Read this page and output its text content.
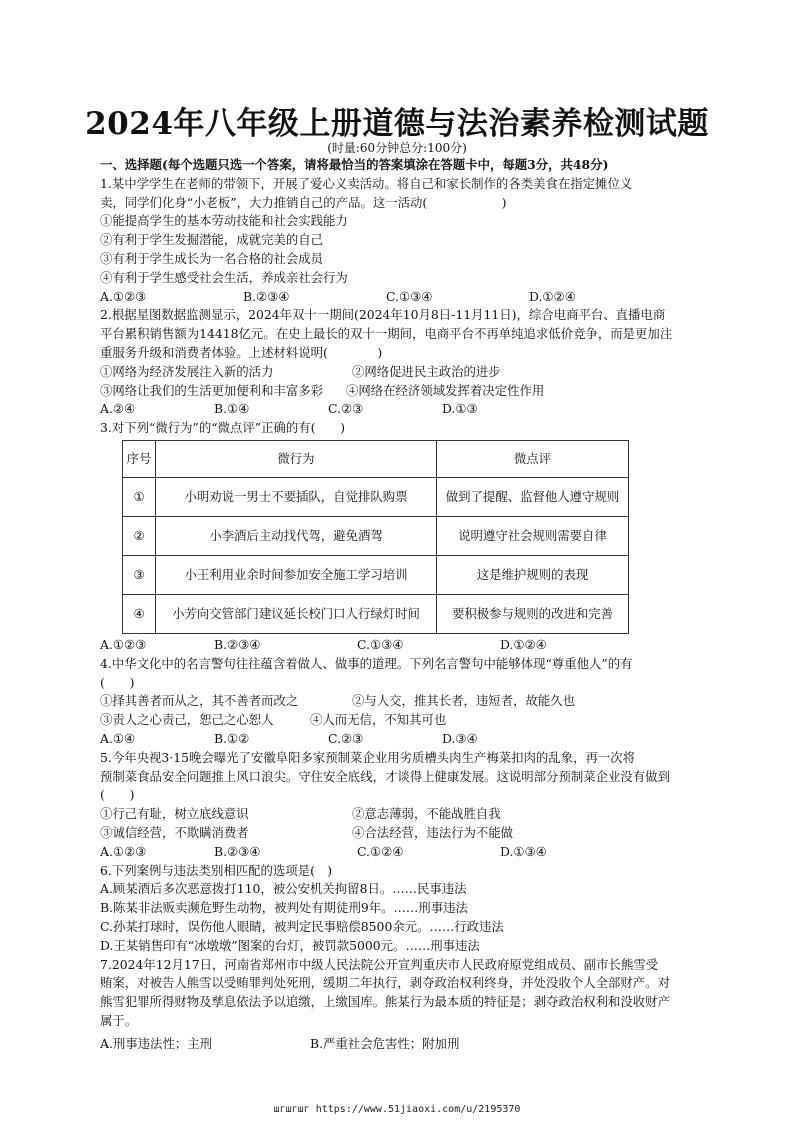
2024年八年级上册道德与法治素养检测试题
(时量:60分钟总分:100分)
一、选择题(每个选题只选一个答案，请将最恰当的答案填涂在答题卡中，每题3分，共48分)
1.某中学学生在老师的带领下，开展了爱心义卖活动。将自己和家长制作的各类美食在指定摊位义
卖，同学们化身“小老板”，大力推销自己的产品。这一活动(　　　　　　)
①能提高学生的基本劳动技能和社会实践能力
②有利于学生发掘潜能，成就完美的自己
③有利于学生成长为一名合格的社会成员
④有利于学生感受社会生活，养成亲社会行为
A.①②③	B.②③④	C.①③④	D.①②④
2.根据星图数据监测显示，2024年双十一期间(2024年10月8日-11月11日)，综合电商平台、直播电商
平台累积销售额为14418亿元。在史上最长的双十一期间，电商平台不再单纯追求低价竞争，而是更加注
重服务升级和消费者体验。上述材料说明(　　　　)
①网络为经济发展注入新的活力	②网络促进民主政治的进步
③网络让我们的生活更加便利和丰富多彩	④网络在经济领域发挥着决定性作用
A.②④	B.①④	C.②③	D.①③
3.对下列“微行为”的“微点评”正确的有(　　)
序号	微行为	微点评
①	小明劝说一男士不要插队，自觉排队购票	做到了提醒、监督他人遵守规则
②	小李酒后主动找代驾，避免酒驾	说明遵守社会规则需要自律
③	小王利用业余时间参加安全施工学习培训	这是维护规则的表现
④	小芳向交管部门建议延长校门口人行绿灯时间	要积极参与规则的改进和完善
A.①②③	B.②③④	C.①③④	D.①②④
4.中华文化中的名言警句往往蕴含着做人、做事的道理。下列名言警句中能够体现“尊重他人”的有
(　　)
①择其善者而从之，其不善者而改之	②与人交，推其长者，违短者，故能久也
③责人之心责己，恕己之心恕人	④人而无信，不知其可也
A.①④	B.①②	C.②③	D.③④
5.今年央视3·15晚会曝光了安徽阜阳多家预制菜企业用劣质槽头肉生产梅菜扣肉的乱象，再一次将
预制菜食品安全问题推上风口浪尖。守住安全底线，才谈得上健康发展。这说明部分预制菜企业没有做到
(　　)
①行己有耻，树立底线意识	②意志薄弱，不能战胜自我
③诚信经营，不欺瞒消费者	④合法经营，违法行为不能做
A.①②③	B.②③④	C.①②④	D.①③④
6.下列案例与违法类别相匹配的选项是(　)
A.顾某酒后多次恶意拨打110，被公安机关拘留8日。……民事违法
B.陈某非法贩卖濒危野生动物，被判处有期徒刑9年。……刑事违法
C.孙某打球时，误伤他人眼睛，被判定民事赔偿8500余元。……行政违法
D.王某销售印有“冰墩墩”图案的台灯，被罚款5000元。……刑事违法
7.2024年12月17日，河南省郑州市中级人民法院公开宣判重庆市人民政府原党组成员、副市长熊雪受
贿案，对被告人熊雪以受贿罪判处死刑，缓期二年执行，剥夺政治权利终身，并处没收个人全部财产。对
熊雪犯罪所得财物及孳息依法予以追缴，上缴国库。熊某行为最本质的特征是；剥夺政治权利和没收财产
属于。
A.刑事违法性；主刑	B.严重社会危害性；附加刑
шгшгшг https://www.51jiaoxi.com/u/2195370
